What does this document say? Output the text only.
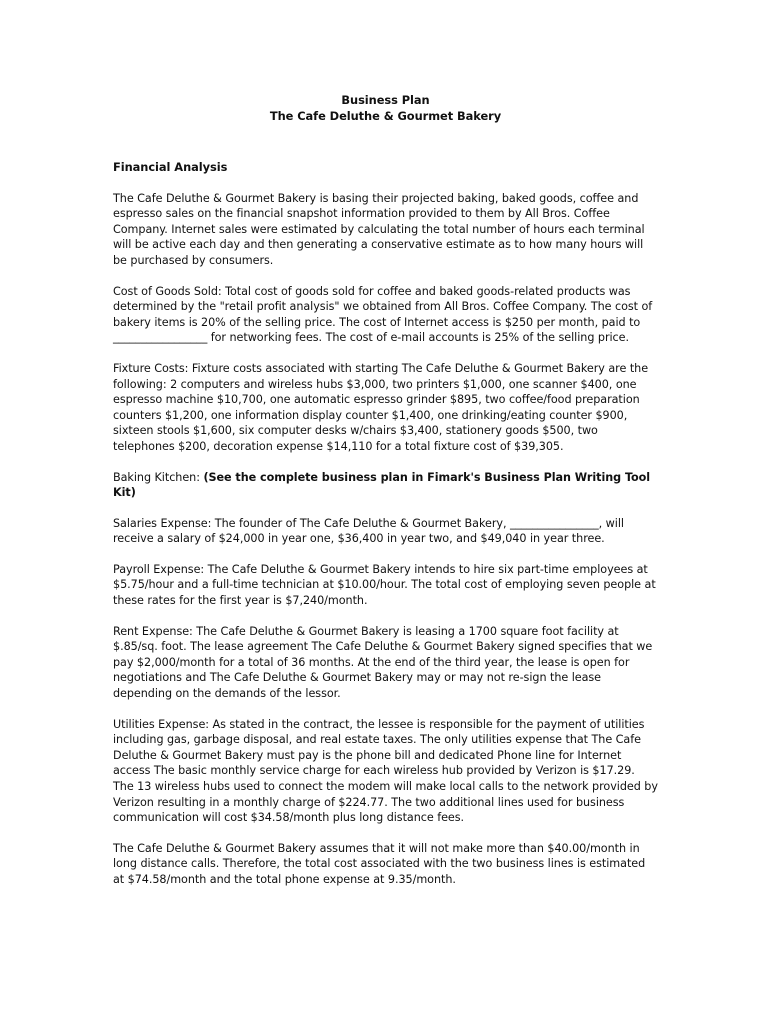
Business Plan
The Cafe Deluthe & Gourmet Bakery
Financial Analysis

The Cafe Deluthe & Gourmet Bakery is basing their projected baking, baked goods, coffee and espresso sales on the financial snapshot information provided to them by All Bros. Coffee Company. Internet sales were estimated by calculating the total number of hours each terminal will be active each day and then generating a conservative estimate as to how many hours will be purchased by consumers.

Cost of Goods Sold: Total cost of goods sold for coffee and baked goods-related products was determined by the "retail profit analysis" we obtained from All Bros. Coffee Company. The cost of bakery items is 20% of the selling price. The cost of Internet access is $250 per month, paid to _________________ for networking fees. The cost of e-mail accounts is 25% of the selling price.

Fixture Costs: Fixture costs associated with starting The Cafe Deluthe & Gourmet Bakery are the following: 2 computers and wireless hubs $3,000, two printers $1,000, one scanner $400, one espresso machine $10,700, one automatic espresso grinder $895, two coffee/food preparation counters $1,200, one information display counter $1,400, one drinking/eating counter $900, sixteen stools $1,600, six computer desks w/chairs $3,400, stationery goods $500, two telephones $200, decoration expense $14,110 for a total fixture cost of $39,305.

Baking Kitchen: (See the complete business plan in Fimark's Business Plan Writing Tool Kit)

Salaries Expense: The founder of The Cafe Deluthe & Gourmet Bakery, ________________, will receive a salary of $24,000 in year one, $36,400 in year two, and $49,040 in year three.

Payroll Expense: The Cafe Deluthe & Gourmet Bakery intends to hire six part-time employees at $5.75/hour and a full-time technician at $10.00/hour. The total cost of employing seven people at these rates for the first year is $7,240/month.

Rent Expense: The Cafe Deluthe & Gourmet Bakery is leasing a 1700 square foot facility at $.85/sq. foot. The lease agreement The Cafe Deluthe & Gourmet Bakery signed specifies that we pay $2,000/month for a total of 36 months. At the end of the third year, the lease is open for negotiations and The Cafe Deluthe & Gourmet Bakery may or may not re-sign the lease depending on the demands of the lessor.

Utilities Expense: As stated in the contract, the lessee is responsible for the payment of utilities including gas, garbage disposal, and real estate taxes. The only utilities expense that The Cafe Deluthe & Gourmet Bakery must pay is the phone bill and dedicated Phone line for Internet access The basic monthly service charge for each wireless hub provided by Verizon is $17.29. The 13 wireless hubs used to connect the modem will make local calls to the network provided by Verizon resulting in a monthly charge of $224.77. The two additional lines used for business communication will cost $34.58/month plus long distance fees.

The Cafe Deluthe & Gourmet Bakery assumes that it will not make more than $40.00/month in long distance calls. Therefore, the total cost associated with the two business lines is estimated at $74.58/month and the total phone expense at 9.35/month.
